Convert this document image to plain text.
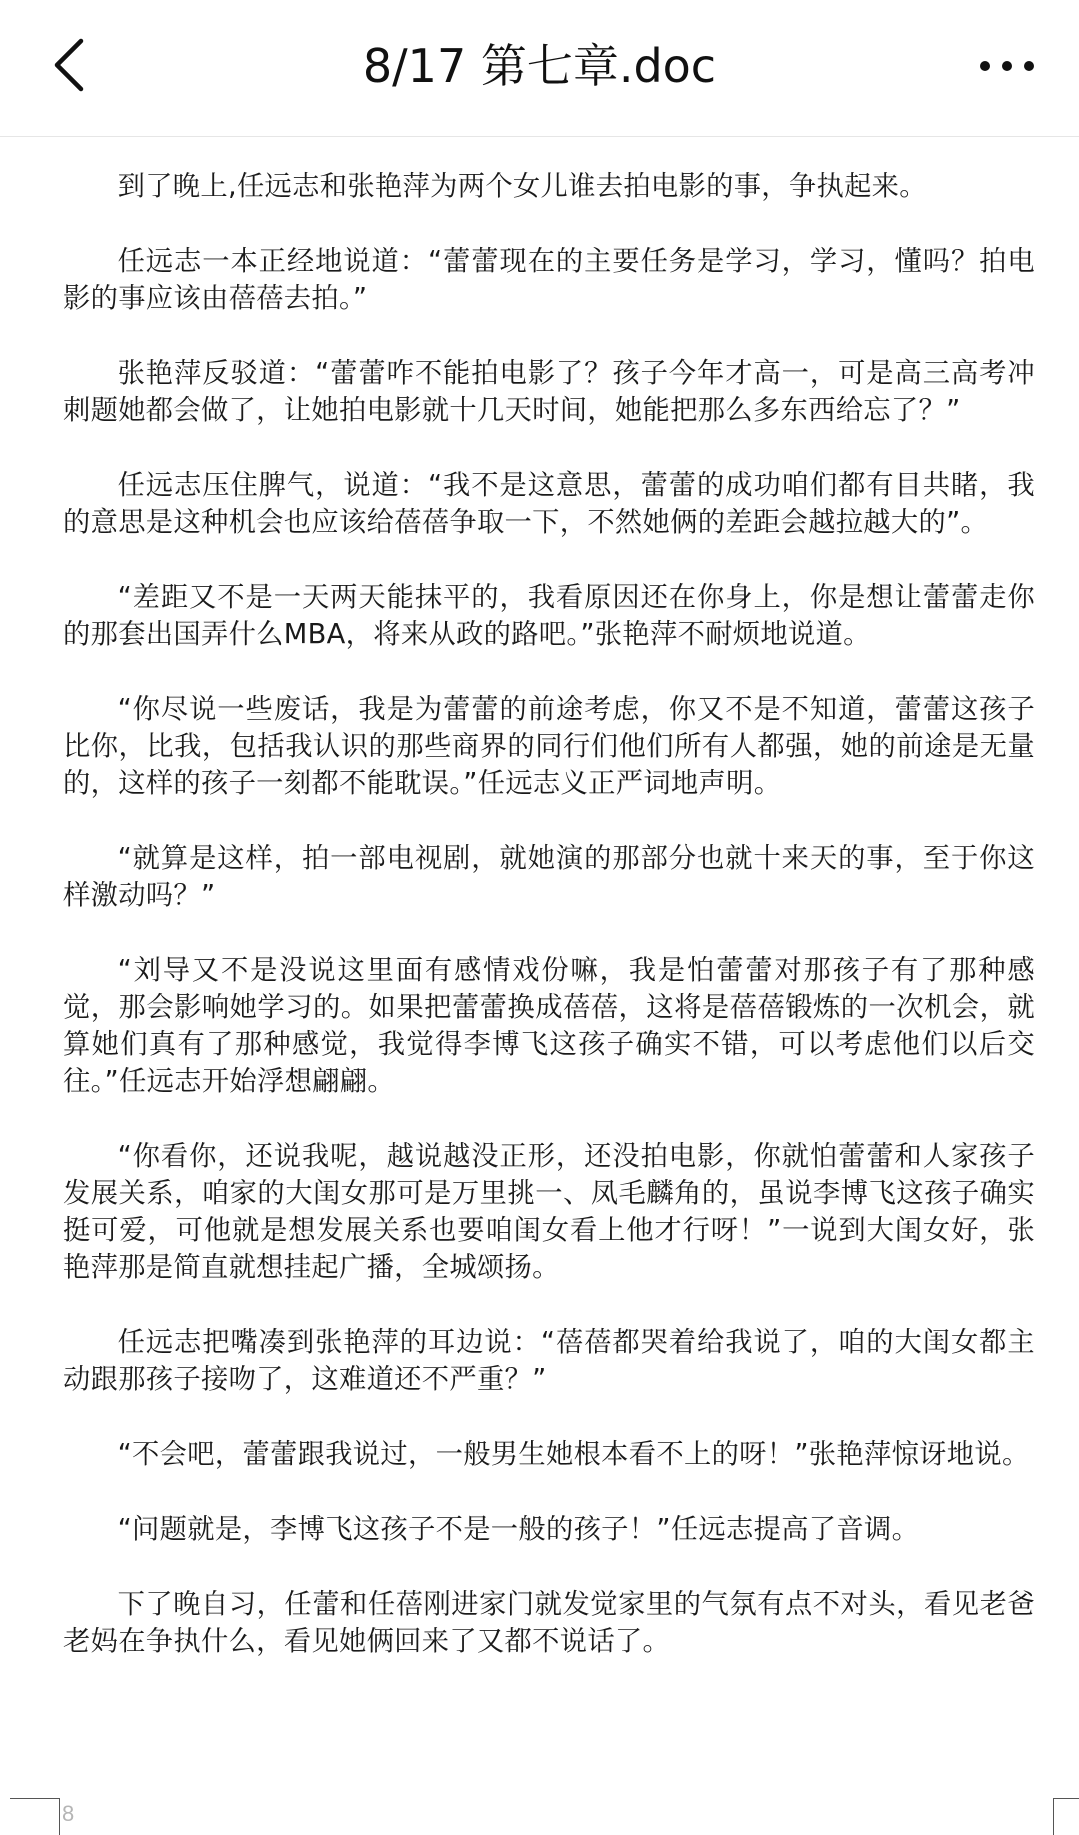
8/17 第七章.doc

到了晚上,任远志和张艳萍为两个女儿谁去拍电影的事，争执起来。

任远志一本正经地说道：“蕾蕾现在的主要任务是学习，学习，懂吗？拍电影的事应该由蓓蓓去拍。”

张艳萍反驳道：“蕾蕾咋不能拍电影了？孩子今年才高一，可是高三高考冲刺题她都会做了，让她拍电影就十几天时间，她能把那么多东西给忘了？”

任远志压住脾气，说道：“我不是这意思，蕾蕾的成功咱们都有目共睹，我的意思是这种机会也应该给蓓蓓争取一下，不然她俩的差距会越拉越大的”。

“差距又不是一天两天能抹平的，我看原因还在你身上，你是想让蕾蕾走你的那套出国弄什么MBA，将来从政的路吧。”张艳萍不耐烦地说道。

“你尽说一些废话，我是为蕾蕾的前途考虑，你又不是不知道，蕾蕾这孩子比你，比我，包括我认识的那些商界的同行们他们所有人都强，她的前途是无量的，这样的孩子一刻都不能耽误。”任远志义正严词地声明。

“就算是这样，拍一部电视剧，就她演的那部分也就十来天的事，至于你这样激动吗？”

“刘导又不是没说这里面有感情戏份嘛，我是怕蕾蕾对那孩子有了那种感觉，那会影响她学习的。如果把蕾蕾换成蓓蓓，这将是蓓蓓锻炼的一次机会，就算她们真有了那种感觉，我觉得李博飞这孩子确实不错，可以考虑他们以后交往。”任远志开始浮想翩翩。

“你看你，还说我呢，越说越没正形，还没拍电影，你就怕蕾蕾和人家孩子发展关系，咱家的大闺女那可是万里挑一、凤毛麟角的，虽说李博飞这孩子确实挺可爱，可他就是想发展关系也要咱闺女看上他才行呀！”一说到大闺女好，张艳萍那是简直就想挂起广播，全城颂扬。

任远志把嘴凑到张艳萍的耳边说：“蓓蓓都哭着给我说了，咱的大闺女都主动跟那孩子接吻了，这难道还不严重？”

“不会吧，蕾蕾跟我说过，一般男生她根本看不上的呀！”张艳萍惊讶地说。

“问题就是，李博飞这孩子不是一般的孩子！”任远志提高了音调。

下了晚自习，任蕾和任蓓刚进家门就发觉家里的气氛有点不对头，看见老爸老妈在争执什么，看见她俩回来了又都不说话了。

8
